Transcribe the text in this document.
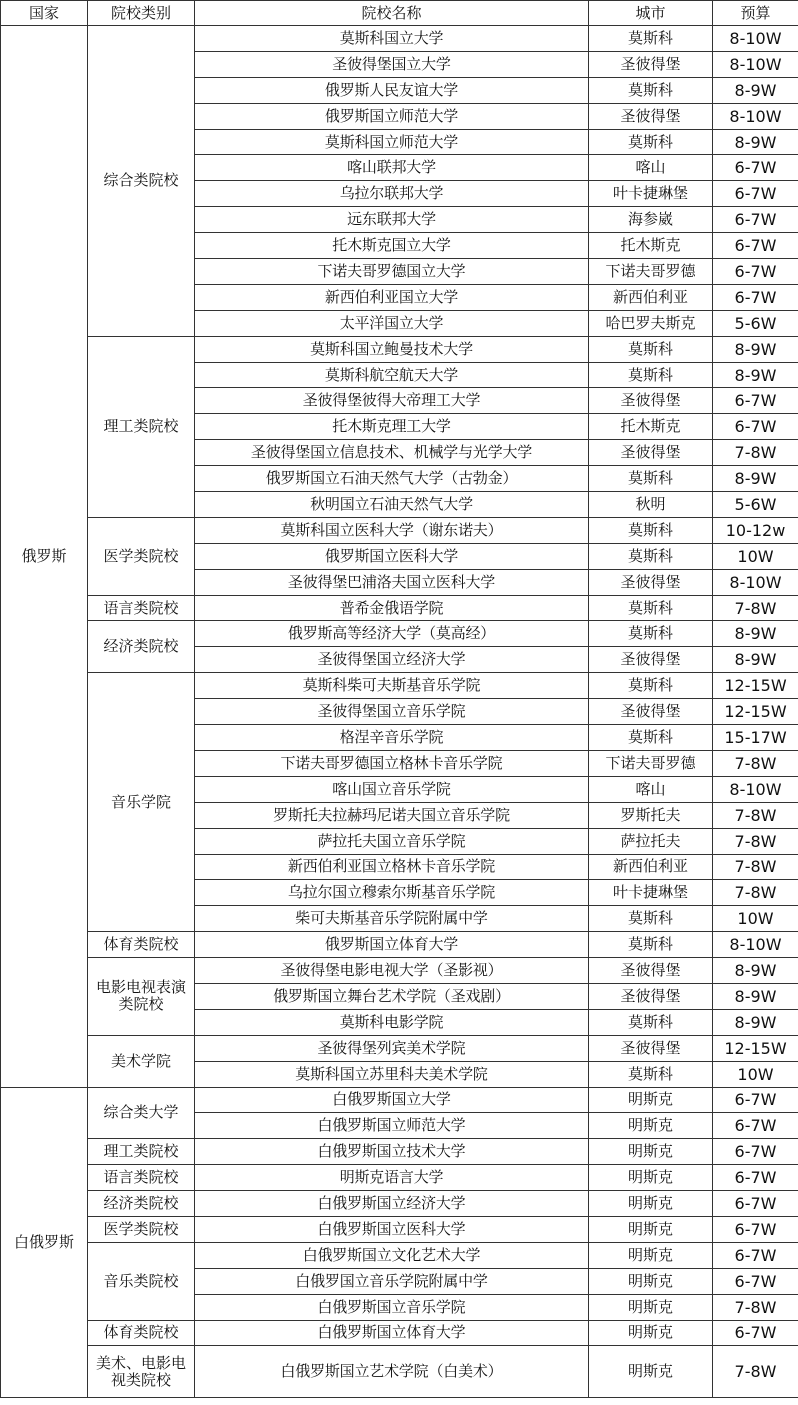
国家	院校类别	院校名称	城市	预算
俄罗斯	综合类院校	莫斯科国立大学	莫斯科	8-10W
		圣彼得堡国立大学	圣彼得堡	8-10W
		俄罗斯人民友谊大学	莫斯科	8-9W
		俄罗斯国立师范大学	圣彼得堡	8-10W
		莫斯科国立师范大学	莫斯科	8-9W
		喀山联邦大学	喀山	6-7W
		乌拉尔联邦大学	叶卡捷琳堡	6-7W
		远东联邦大学	海参崴	6-7W
		托木斯克国立大学	托木斯克	6-7W
		下诺夫哥罗德国立大学	下诺夫哥罗德	6-7W
		新西伯利亚国立大学	新西伯利亚	6-7W
		太平洋国立大学	哈巴罗夫斯克	5-6W
	理工类院校	莫斯科国立鲍曼技术大学	莫斯科	8-9W
		莫斯科航空航天大学	莫斯科	8-9W
		圣彼得堡彼得大帝理工大学	圣彼得堡	6-7W
		托木斯克理工大学	托木斯克	6-7W
		圣彼得堡国立信息技术、机械学与光学大学	圣彼得堡	7-8W
		俄罗斯国立石油天然气大学（古勃金）	莫斯科	8-9W
		秋明国立石油天然气大学	秋明	5-6W
	医学类院校	莫斯科国立医科大学（谢东诺夫）	莫斯科	10-12w
		俄罗斯国立医科大学	莫斯科	10W
		圣彼得堡巴浦洛夫国立医科大学	圣彼得堡	8-10W
	语言类院校	普希金俄语学院	莫斯科	7-8W
	经济类院校	俄罗斯高等经济大学（莫高经）	莫斯科	8-9W
		圣彼得堡国立经济大学	圣彼得堡	8-9W
	音乐学院	莫斯科柴可夫斯基音乐学院	莫斯科	12-15W
		圣彼得堡国立音乐学院	圣彼得堡	12-15W
		格涅辛音乐学院	莫斯科	15-17W
		下诺夫哥罗德国立格林卡音乐学院	下诺夫哥罗德	7-8W
		喀山国立音乐学院	喀山	8-10W
		罗斯托夫拉赫玛尼诺夫国立音乐学院	罗斯托夫	7-8W
		萨拉托夫国立音乐学院	萨拉托夫	7-8W
		新西伯利亚国立格林卡音乐学院	新西伯利亚	7-8W
		乌拉尔国立穆索尔斯基音乐学院	叶卡捷琳堡	7-8W
		柴可夫斯基音乐学院附属中学	莫斯科	10W
	体育类院校	俄罗斯国立体育大学	莫斯科	8-10W
	电影电视表演类院校	圣彼得堡电影电视大学（圣影视）	圣彼得堡	8-9W
		俄罗斯国立舞台艺术学院（圣戏剧）	圣彼得堡	8-9W
		莫斯科电影学院	莫斯科	8-9W
	美术学院	圣彼得堡列宾美术学院	圣彼得堡	12-15W
		莫斯科国立苏里科夫美术学院	莫斯科	10W
白俄罗斯	综合类大学	白俄罗斯国立大学	明斯克	6-7W
		白俄罗斯国立师范大学	明斯克	6-7W
	理工类院校	白俄罗斯国立技术大学	明斯克	6-7W
	语言类院校	明斯克语言大学	明斯克	6-7W
	经济类院校	白俄罗斯国立经济大学	明斯克	6-7W
	医学类院校	白俄罗斯国立医科大学	明斯克	6-7W
	音乐类院校	白俄罗斯国立文化艺术大学	明斯克	6-7W
		白俄罗国立音乐学院附属中学	明斯克	6-7W
		白俄罗斯国立音乐学院	明斯克	7-8W
	体育类院校	白俄罗斯国立体育大学	明斯克	6-7W
	美术、电影电视类院校	白俄罗斯国立艺术学院（白美术）	明斯克	7-8W
